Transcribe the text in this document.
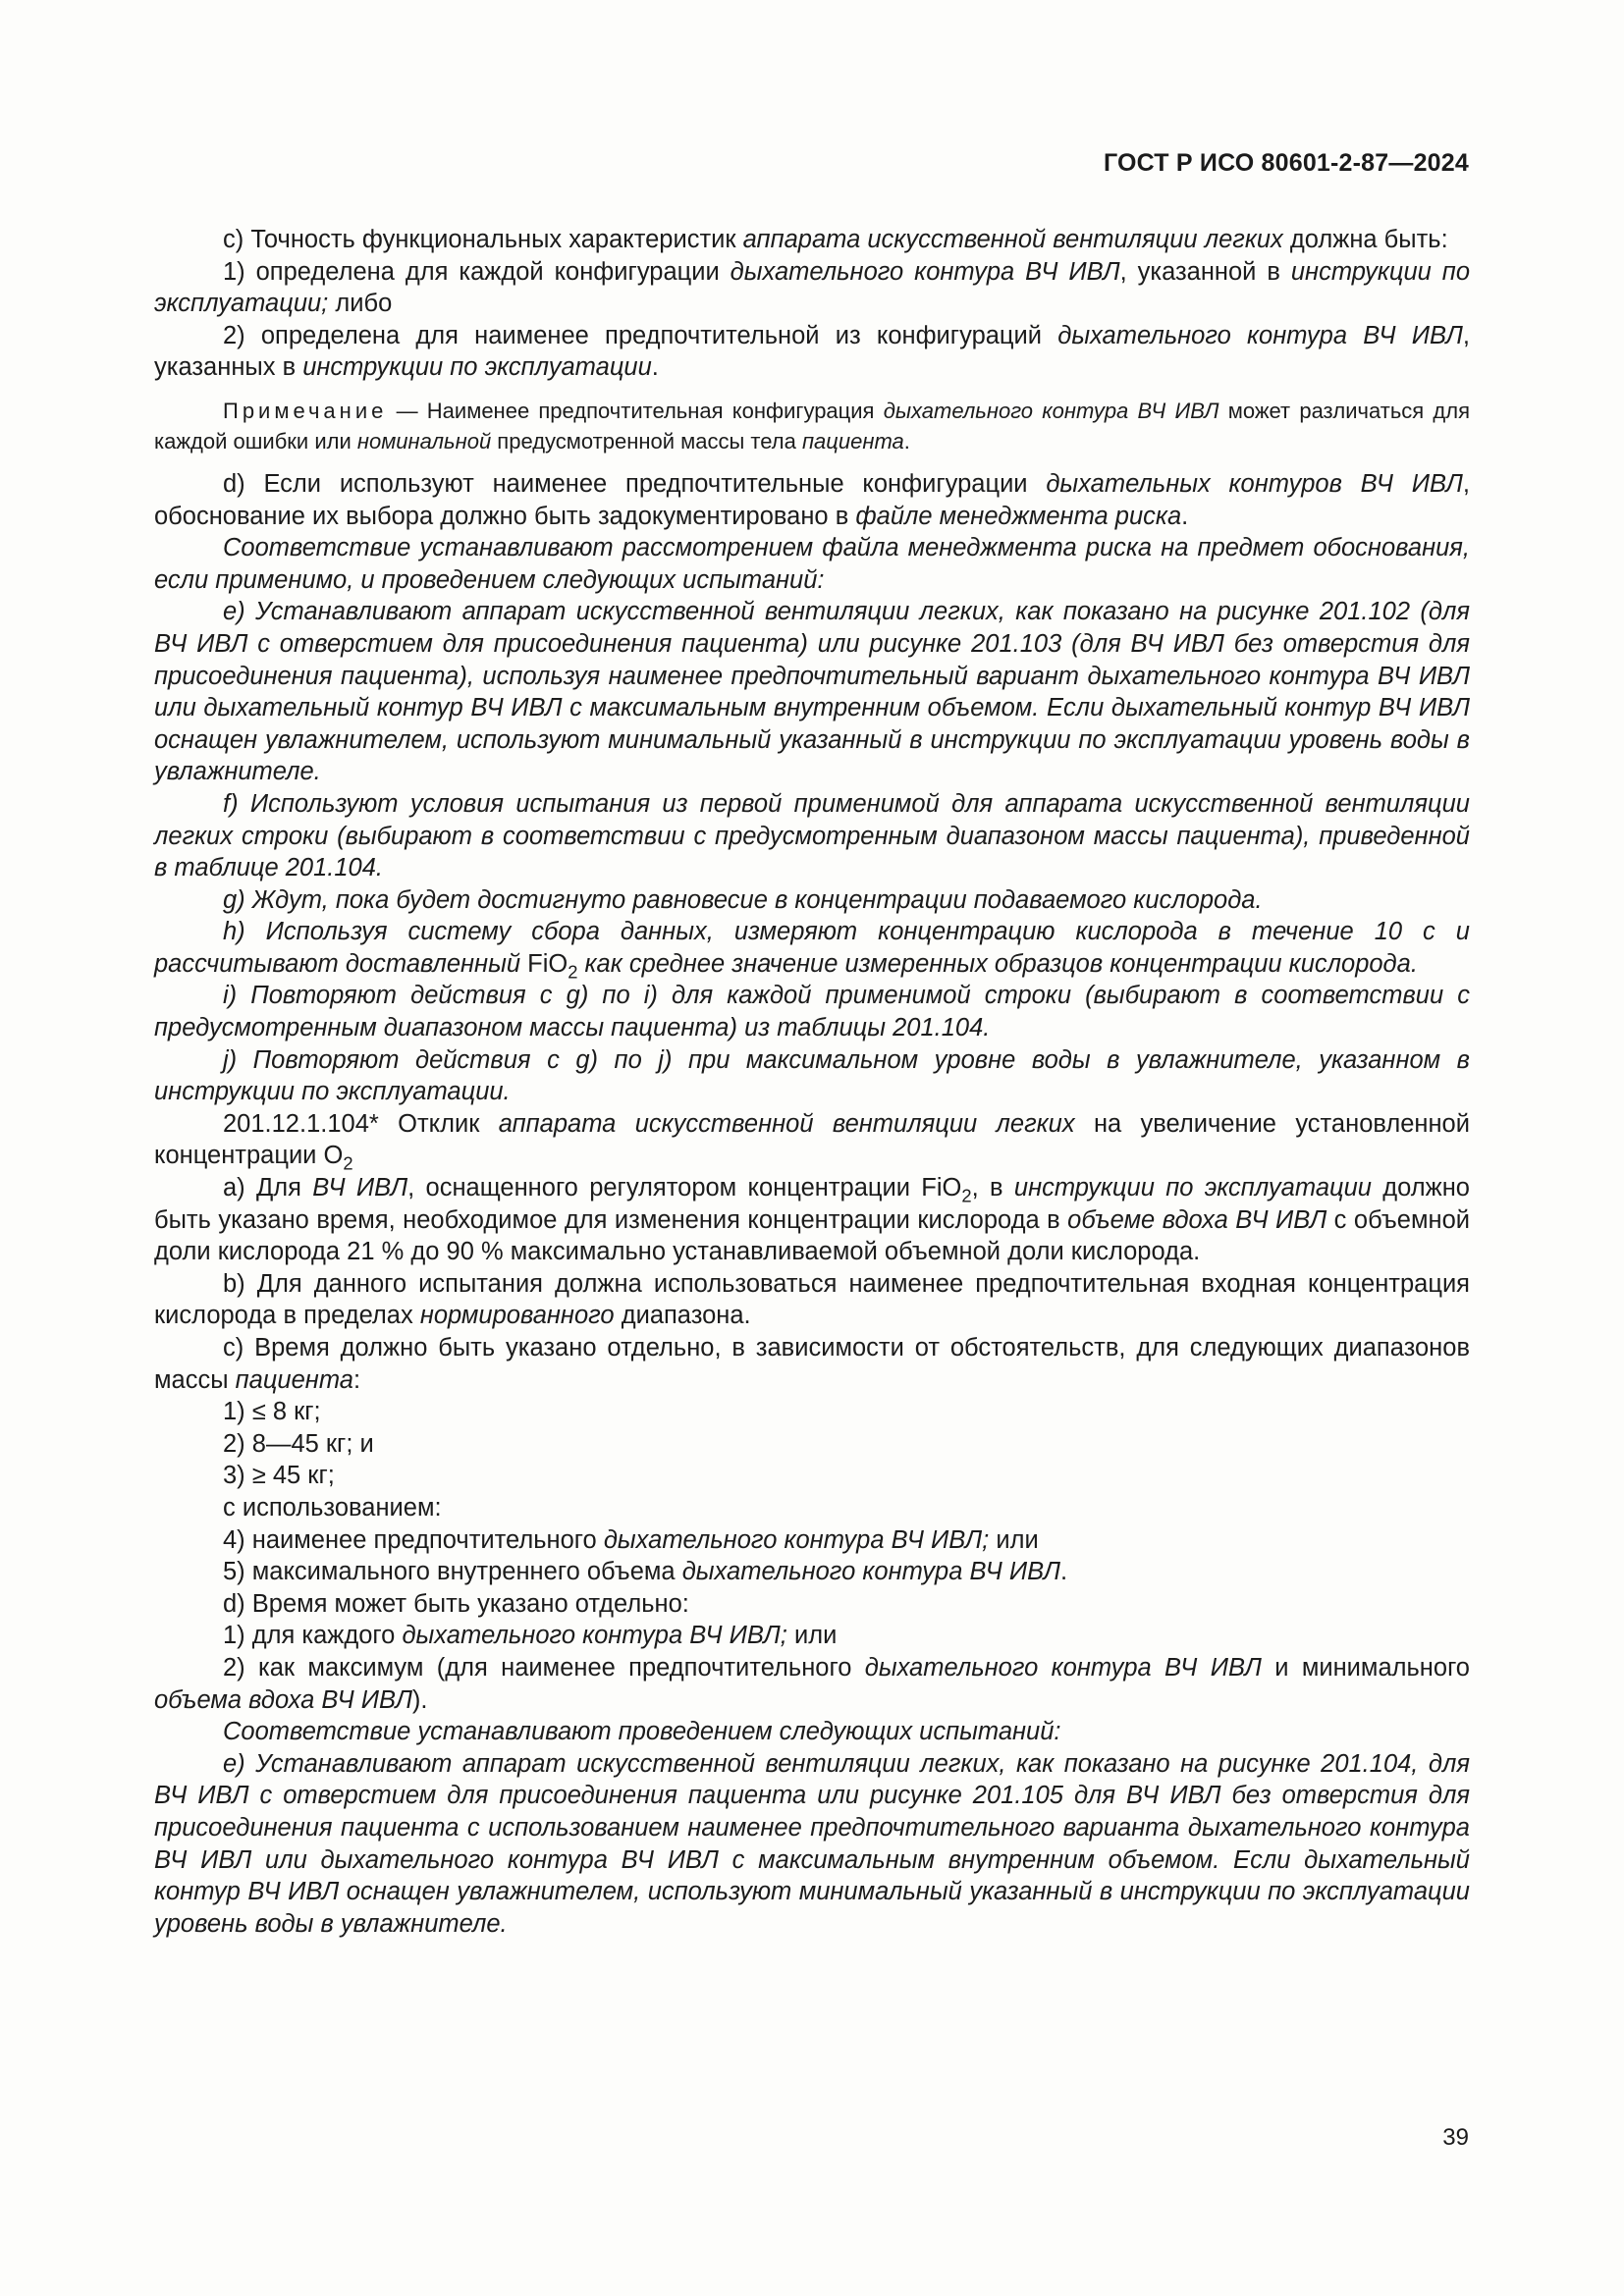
ГОСТ Р ИСО 80601-2-87—2024

c) Точность функциональных характеристик аппарата искусственной вентиляции легких должна быть:

1) определена для каждой конфигурации дыхательного контура ВЧ ИВЛ, указанной в инструкции по эксплуатации; либо

2) определена для наименее предпочтительной из конфигураций дыхательного контура ВЧ ИВЛ, указанных в инструкции по эксплуатации.

Примечание — Наименее предпочтительная конфигурация дыхательного контура ВЧ ИВЛ может различаться для каждой ошибки или номинальной предусмотренной массы тела пациента.

d) Если используют наименее предпочтительные конфигурации дыхательных контуров ВЧ ИВЛ, обоснование их выбора должно быть задокументировано в файле менеджмента риска.

Соответствие устанавливают рассмотрением файла менеджмента риска на предмет обоснования, если применимо, и проведением следующих испытаний:

e) Устанавливают аппарат искусственной вентиляции легких, как показано на рисунке 201.102 (для ВЧ ИВЛ с отверстием для присоединения пациента) или рисунке 201.103 (для ВЧ ИВЛ без отверстия для присоединения пациента), используя наименее предпочтительный вариант дыхательного контура ВЧ ИВЛ или дыхательный контур ВЧ ИВЛ с максимальным внутренним объемом. Если дыхательный контур ВЧ ИВЛ оснащен увлажнителем, используют минимальный указанный в инструкции по эксплуатации уровень воды в увлажнителе.

f) Используют условия испытания из первой применимой для аппарата искусственной вентиляции легких строки (выбирают в соответствии с предусмотренным диапазоном массы пациента), приведенной в таблице 201.104.

g) Ждут, пока будет достигнуто равновесие в концентрации подаваемого кислорода.

h) Используя систему сбора данных, измеряют концентрацию кислорода в течение 10 с и рассчитывают доставленный FiO$_2$ как среднее значение измеренных образцов концентрации кислорода.

i) Повторяют действия с g) по i) для каждой применимой строки (выбирают в соответствии с предусмотренным диапазоном массы пациента) из таблицы 201.104.

j) Повторяют действия с g) по j) при максимальном уровне воды в увлажнителе, указанном в инструкции по эксплуатации.

201.12.1.104* Отклик аппарата искусственной вентиляции легких на увеличение установленной концентрации $O_2$

a) Для ВЧ ИВЛ, оснащенного регулятором концентрации FiO$_2$, в инструкции по эксплуатации должно быть указано время, необходимое для изменения концентрации кислорода в объеме вдоха ВЧ ИВЛ с объемной доли кислорода 21 % до 90 % максимально устанавливаемой объемной доли кислорода.

b) Для данного испытания должна использоваться наименее предпочтительная входная концентрация кислорода в пределах нормированного диапазона.

c) Время должно быть указано отдельно, в зависимости от обстоятельств, для следующих диапазонов массы пациента:

1) ≤ 8 кг;

2) 8—45 кг; и

3) ≥ 45 кг;

с использованием:

4) наименее предпочтительного дыхательного контура ВЧ ИВЛ; или

5) максимального внутреннего объема дыхательного контура ВЧ ИВЛ.

d) Время может быть указано отдельно:

1) для каждого дыхательного контура ВЧ ИВЛ; или

2) как максимум (для наименее предпочтительного дыхательного контура ВЧ ИВЛ и минимального объема вдоха ВЧ ИВЛ).

Соответствие устанавливают проведением следующих испытаний:

e) Устанавливают аппарат искусственной вентиляции легких, как показано на рисунке 201.104, для ВЧ ИВЛ с отверстием для присоединения пациента или рисунке 201.105 для ВЧ ИВЛ без отверстия для присоединения пациента с использованием наименее предпочтительного варианта дыхательного контура ВЧ ИВЛ или дыхательного контура ВЧ ИВЛ с максимальным внутренним объемом. Если дыхательный контур ВЧ ИВЛ оснащен увлажнителем, используют минимальный указанный в инструкции по эксплуатации уровень воды в увлажнителе.

39
